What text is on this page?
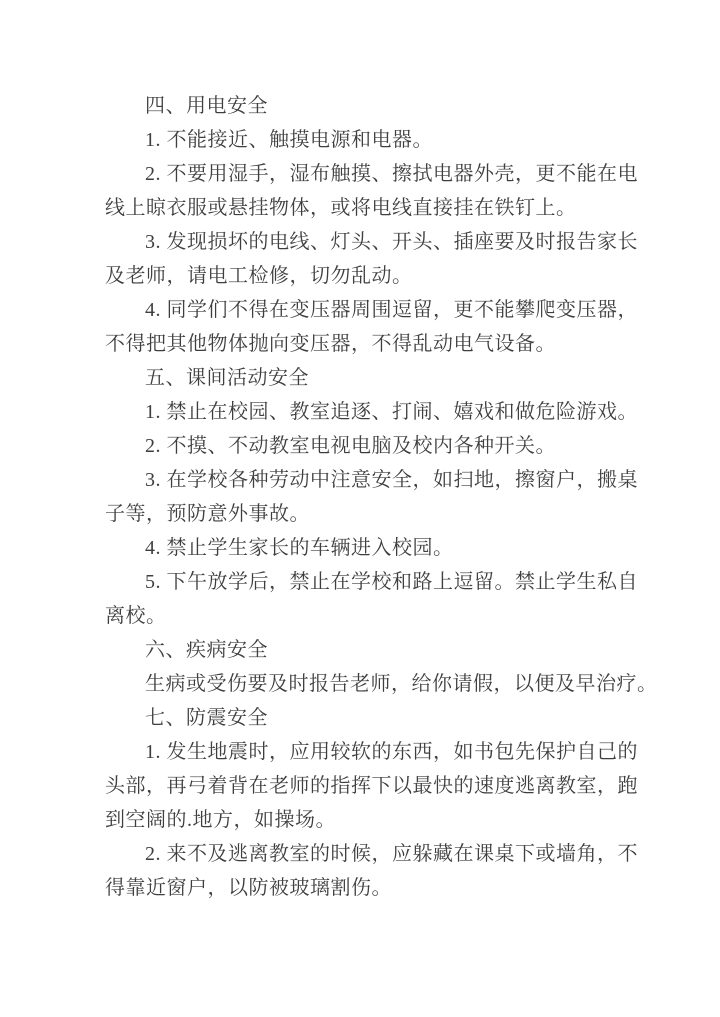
四、用电安全
1. 不能接近、触摸电源和电器。
2. 不要用湿手，湿布触摸、擦拭电器外壳，更不能在电
线上晾衣服或悬挂物体，或将电线直接挂在铁钉上。
3. 发现损坏的电线、灯头、开头、插座要及时报告家长
及老师，请电工检修，切勿乱动。
4. 同学们不得在变压器周围逗留，更不能攀爬变压器，
不得把其他物体抛向变压器，不得乱动电气设备。
五、课间活动安全
1. 禁止在校园、教室追逐、打闹、嬉戏和做危险游戏。
2. 不摸、不动教室电视电脑及校内各种开关。
3. 在学校各种劳动中注意安全，如扫地，擦窗户，搬桌
子等，预防意外事故。
4. 禁止学生家长的车辆进入校园。
5. 下午放学后，禁止在学校和路上逗留。禁止学生私自
离校。
六、疾病安全
生病或受伤要及时报告老师，给你请假，以便及早治疗。
七、防震安全
1. 发生地震时，应用较软的东西，如书包先保护自己的
头部，再弓着背在老师的指挥下以最快的速度逃离教室，跑
到空阔的.地方，如操场。
2. 来不及逃离教室的时候，应躲藏在课桌下或墙角，不
得靠近窗户，以防被玻璃割伤。
